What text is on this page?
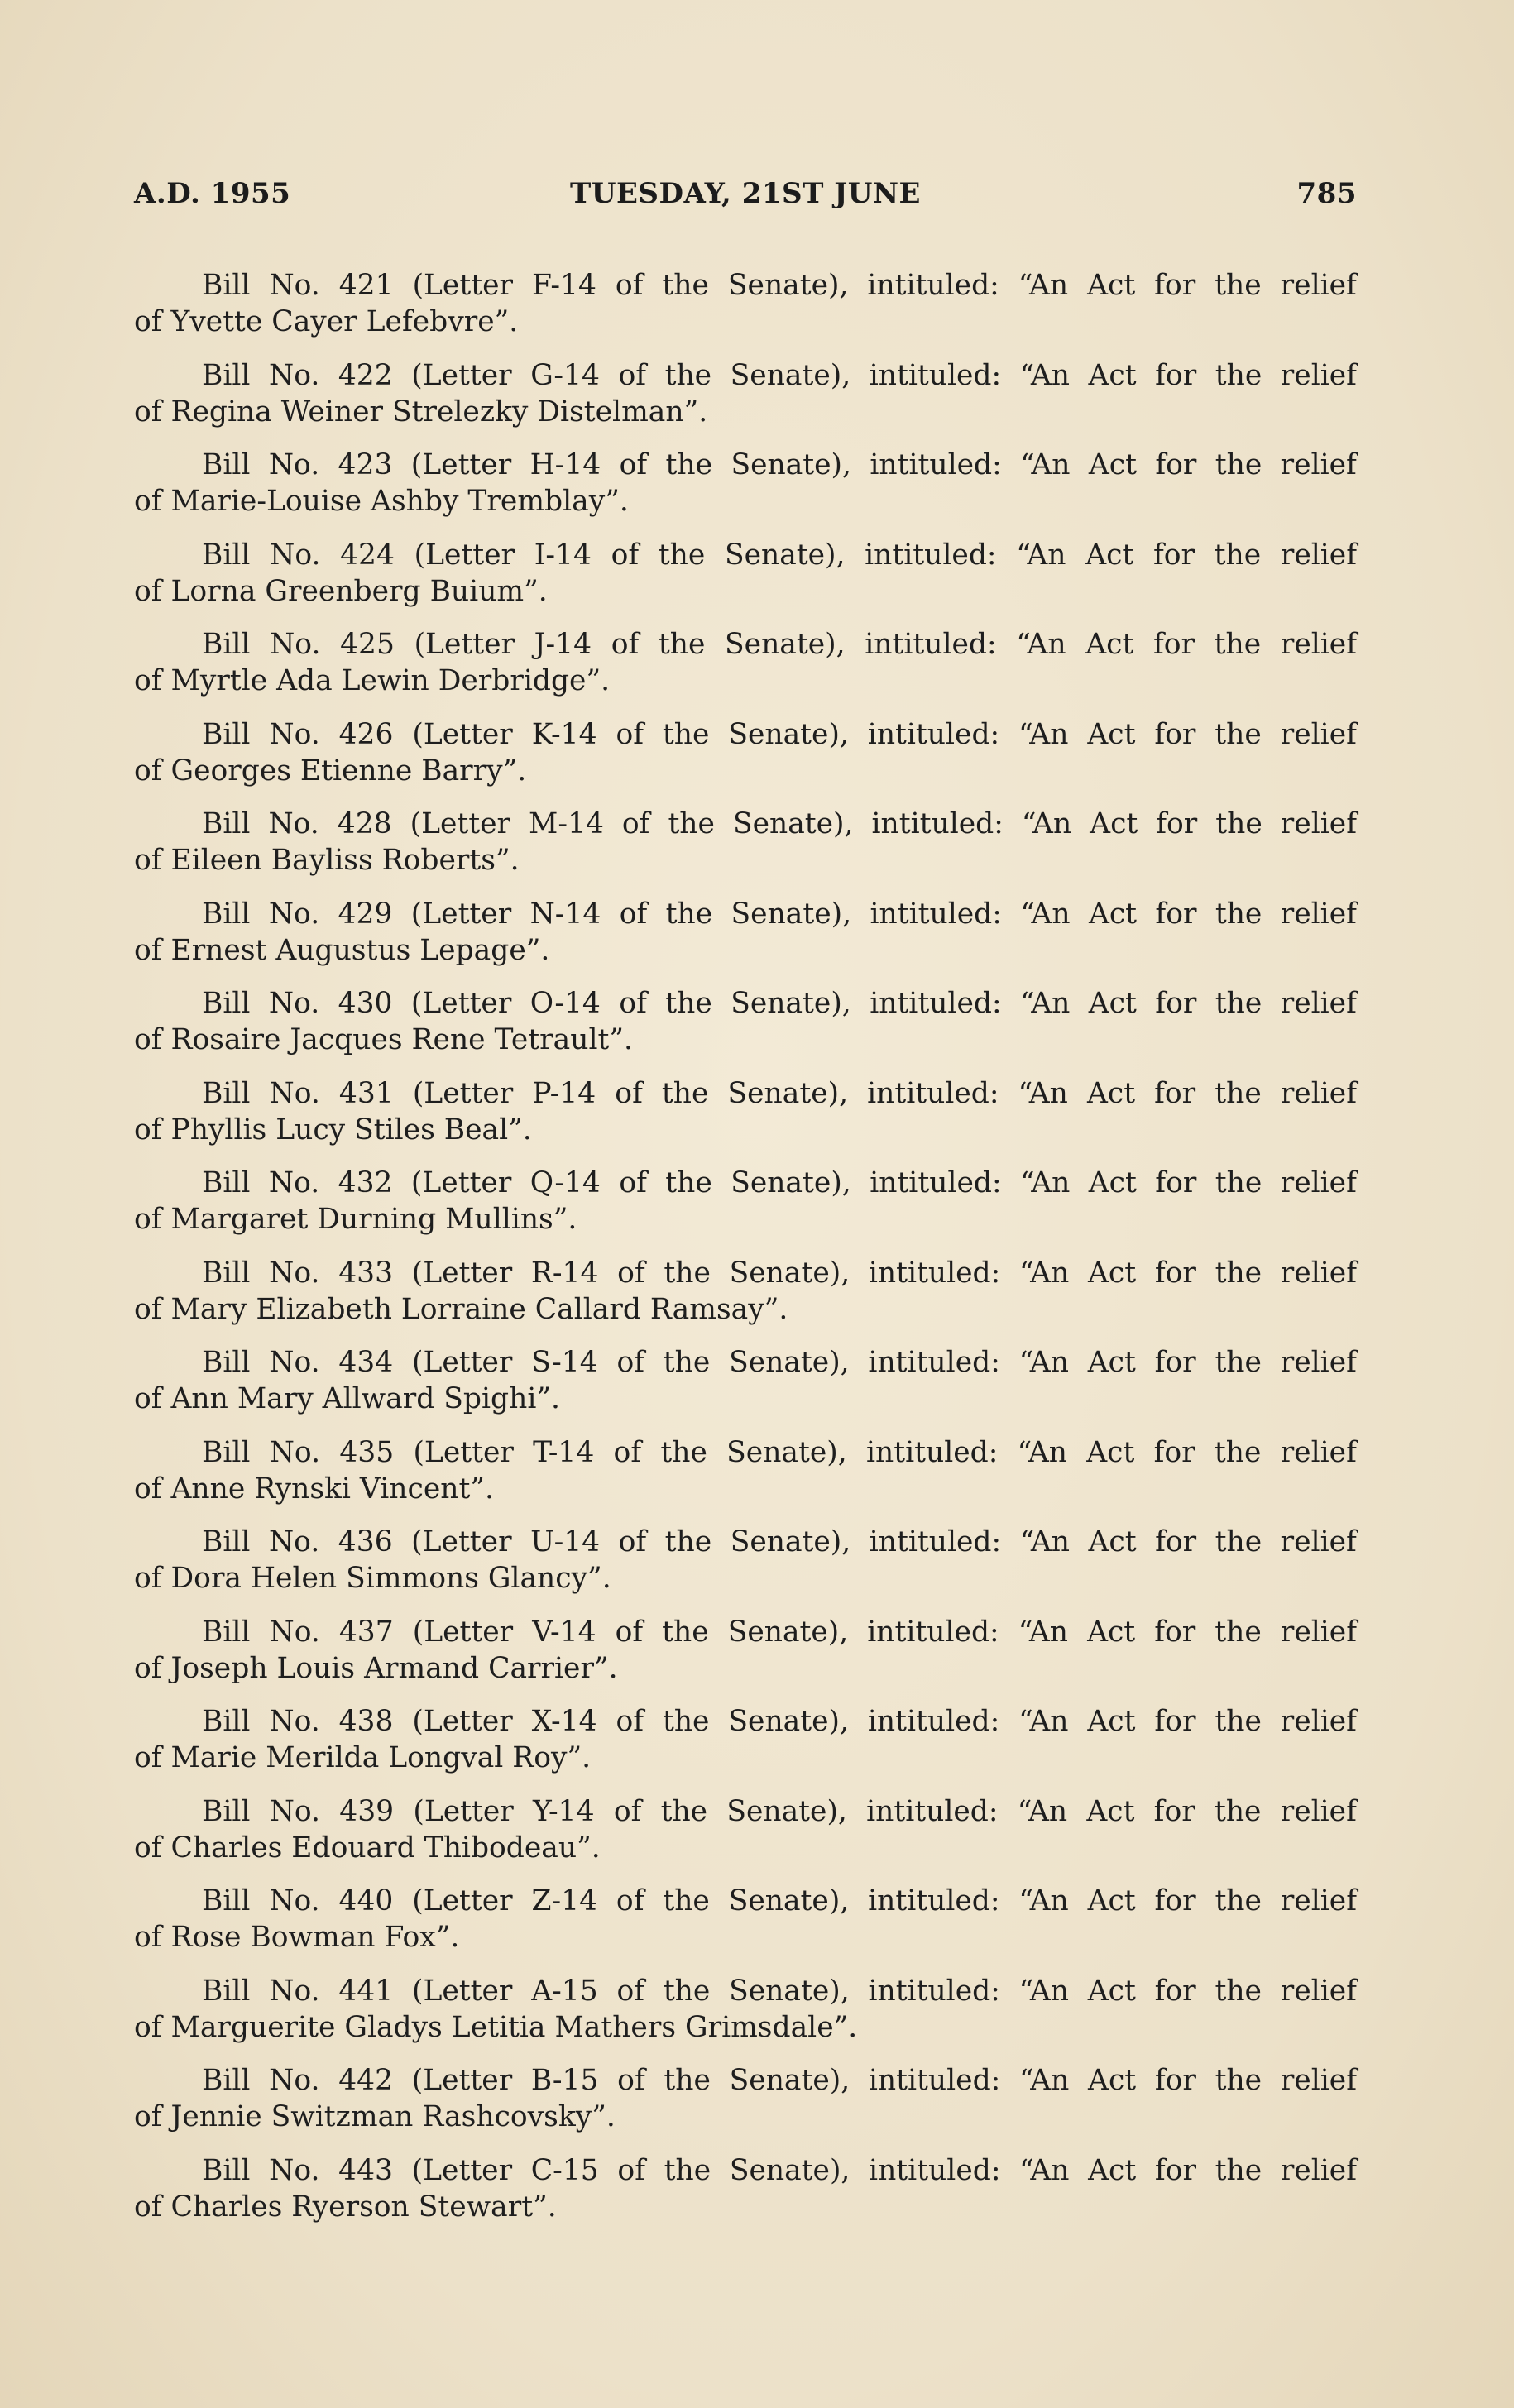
A.D. 1955	TUESDAY, 21ST JUNE	785
Bill No. 421 (Letter F-14 of the Senate), intituled: “An Act for the relief
of Yvette Cayer Lefebvre”.
Bill No. 422 (Letter G-14 of the Senate), intituled: “An Act for the relief
of Regina Weiner Strelezky Distelman”.
Bill No. 423 (Letter H-14 of the Senate), intituled: “An Act for the relief
of Marie-Louise Ashby Tremblay”.
Bill No. 424 (Letter I-14 of the Senate), intituled: “An Act for the relief
of Lorna Greenberg Buium”.
Bill No. 425 (Letter J-14 of the Senate), intituled: “An Act for the relief
of Myrtle Ada Lewin Derbridge”.
Bill No. 426 (Letter K-14 of the Senate), intituled: “An Act for the relief
of Georges Etienne Barry”.
Bill No. 428 (Letter M-14 of the Senate), intituled: “An Act for the relief
of Eileen Bayliss Roberts”.
Bill No. 429 (Letter N-14 of the Senate), intituled: “An Act for the relief
of Ernest Augustus Lepage”.
Bill No. 430 (Letter O-14 of the Senate), intituled: “An Act for the relief
of Rosaire Jacques Rene Tetrault”.
Bill No. 431 (Letter P-14 of the Senate), intituled: “An Act for the relief
of Phyllis Lucy Stiles Beal”.
Bill No. 432 (Letter Q-14 of the Senate), intituled: “An Act for the relief
of Margaret Durning Mullins”.
Bill No. 433 (Letter R-14 of the Senate), intituled: “An Act for the relief
of Mary Elizabeth Lorraine Callard Ramsay”.
Bill No. 434 (Letter S-14 of the Senate), intituled: “An Act for the relief
of Ann Mary Allward Spighi”.
Bill No. 435 (Letter T-14 of the Senate), intituled: “An Act for the relief
of Anne Rynski Vincent”.
Bill No. 436 (Letter U-14 of the Senate), intituled: “An Act for the relief
of Dora Helen Simmons Glancy”.
Bill No. 437 (Letter V-14 of the Senate), intituled: “An Act for the relief
of Joseph Louis Armand Carrier”.
Bill No. 438 (Letter X-14 of the Senate), intituled: “An Act for the relief
of Marie Merilda Longval Roy”.
Bill No. 439 (Letter Y-14 of the Senate), intituled: “An Act for the relief
of Charles Edouard Thibodeau”.
Bill No. 440 (Letter Z-14 of the Senate), intituled: “An Act for the relief
of Rose Bowman Fox”.
Bill No. 441 (Letter A-15 of the Senate), intituled: “An Act for the relief
of Marguerite Gladys Letitia Mathers Grimsdale”.
Bill No. 442 (Letter B-15 of the Senate), intituled: “An Act for the relief
of Jennie Switzman Rashcovsky”.
Bill No. 443 (Letter C-15 of the Senate), intituled: “An Act for the relief
of Charles Ryerson Stewart”.
